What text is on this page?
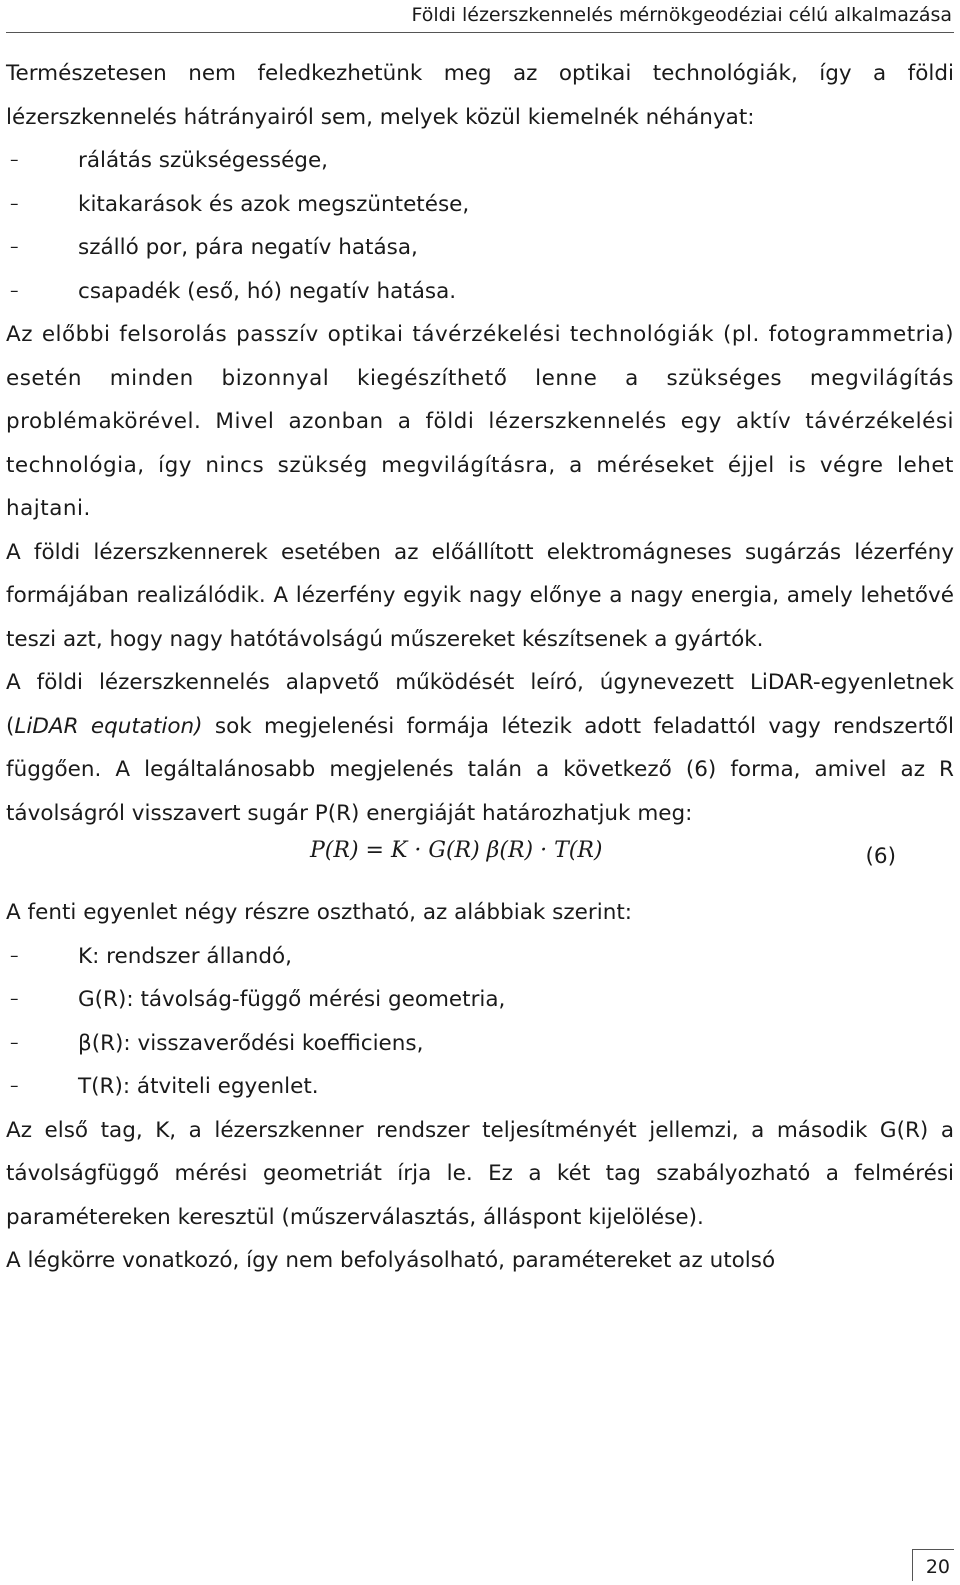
Földi lézerszkennelés mérnökgeodéziai célú alkalmazása

Természetesen nem feledkezhetünk meg az optikai technológiák, így a földi lézerszkennelés hátrányairól sem, melyek közül kiemelnék néhányat:

–	rálátás szükségessége,
–	kitakarások és azok megszüntetése,
–	szálló por, pára negatív hatása,
–	csapadék (eső, hó) negatív hatása.

Az előbbi felsorolás passzív optikai távérzékelési technológiák (pl. fotogrammetria) esetén minden bizonnyal kiegészíthető lenne a szükséges megvilágítás problémakörével. Mivel azonban a földi lézerszkennelés egy aktív távérzékelési technológia, így nincs szükség megvilágításra, a méréseket éjjel is végre lehet hajtani.

A földi lézerszkennerek esetében az előállított elektromágneses sugárzás lézerfény formájában realizálódik. A lézerfény egyik nagy előnye a nagy energia, amely lehetővé teszi azt, hogy nagy hatótávolságú műszereket készítsenek a gyártók.

A földi lézerszkennelés alapvető működését leíró, úgynevezett LiDAR-egyenletnek (LiDAR equtation) sok megjelenési formája létezik adott feladattól vagy rendszertől függően. A legáltalánosabb megjelenés talán a következő (6) forma, amivel az R távolságról visszavert sugár P(R) energiáját határozhatjuk meg:

P(R) = K · G(R) β(R) · T(R)	(6)

A fenti egyenlet négy részre osztható, az alábbiak szerint:

–	K: rendszer állandó,
–	G(R): távolság-függő mérési geometria,
–	β(R): visszaverődési koefficiens,
–	T(R): átviteli egyenlet.

Az első tag, K, a lézerszkenner rendszer teljesítményét jellemzi, a második G(R) a távolságfüggő mérési geometriát írja le. Ez a két tag szabályozható a felmérési paramétereken keresztül (műszerválasztás, álláspont kijelölése).

A légkörre vonatkozó, így nem befolyásolható, paramétereket az utolsó

20
